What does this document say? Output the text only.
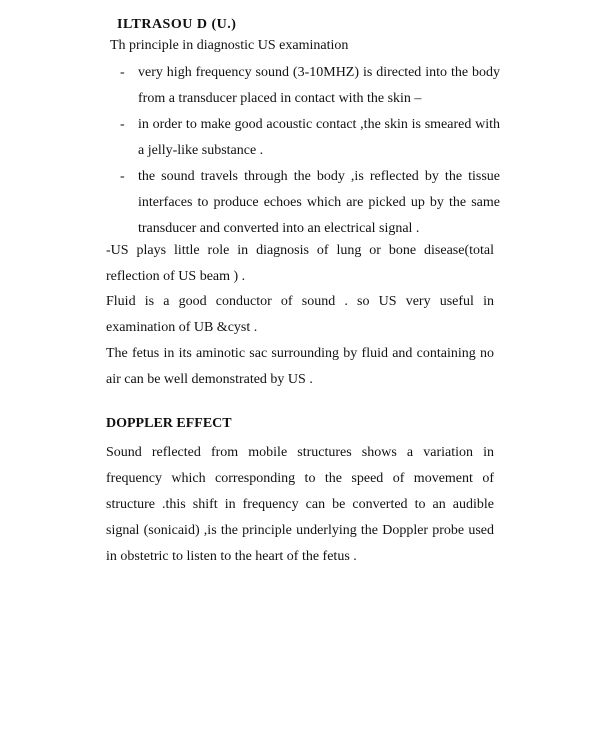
ILTRASOU D (U.)
Th principle in diagnostic US examination
- very high frequency sound (3-10MHZ) is directed into the body from a transducer placed in contact with the skin –
- in order to make good acoustic contact ,the skin is smeared with a jelly-like substance .
- the sound travels through the body ,is reflected by the tissue interfaces to produce echoes which are picked up by the same transducer and converted into an electrical signal .
-US plays little role in diagnosis of lung or bone disease(total reflection of US beam ) .
Fluid is a good conductor of sound . so US very useful in examination of UB &cyst .
The fetus in its aminotic sac surrounding by fluid and containing no air can be well demonstrated by US .
DOPPLER EFFECT
Sound reflected from mobile structures shows a variation in frequency which corresponding to the speed of movement of structure .this shift in frequency can be converted to an audible signal (sonicaid) ,is the principle underlying the Doppler probe used in obstetric to listen to the heart of the fetus .
